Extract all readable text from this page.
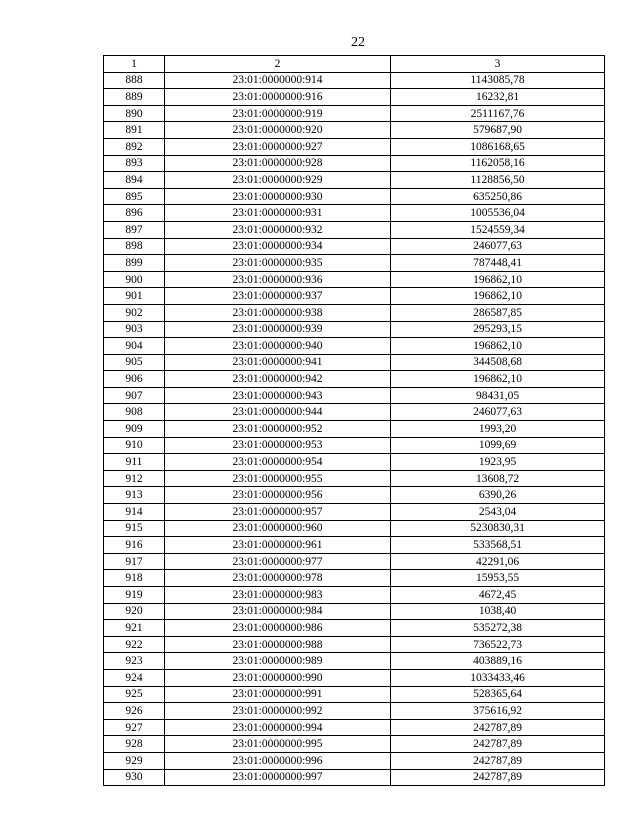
22
1	2	3
888	23:01:0000000:914	1143085,78
889	23:01:0000000:916	16232,81
890	23:01:0000000:919	2511167,76
891	23:01:0000000:920	579687,90
892	23:01:0000000:927	1086168,65
893	23:01:0000000:928	1162058,16
894	23:01:0000000:929	1128856,50
895	23:01:0000000:930	635250,86
896	23:01:0000000:931	1005536,04
897	23:01:0000000:932	1524559,34
898	23:01:0000000:934	246077,63
899	23:01:0000000:935	787448,41
900	23:01:0000000:936	196862,10
901	23:01:0000000:937	196862,10
902	23:01:0000000:938	286587,85
903	23:01:0000000:939	295293,15
904	23:01:0000000:940	196862,10
905	23:01:0000000:941	344508,68
906	23:01:0000000:942	196862,10
907	23:01:0000000:943	98431,05
908	23:01:0000000:944	246077,63
909	23:01:0000000:952	1993,20
910	23:01:0000000:953	1099,69
911	23:01:0000000:954	1923,95
912	23:01:0000000:955	13608,72
913	23:01:0000000:956	6390,26
914	23:01:0000000:957	2543,04
915	23:01:0000000:960	5230830,31
916	23:01:0000000:961	533568,51
917	23:01:0000000:977	42291,06
918	23:01:0000000:978	15953,55
919	23:01:0000000:983	4672,45
920	23:01:0000000:984	1038,40
921	23:01:0000000:986	535272,38
922	23:01:0000000:988	736522,73
923	23:01:0000000:989	403889,16
924	23:01:0000000:990	1033433,46
925	23:01:0000000:991	528365,64
926	23:01:0000000:992	375616,92
927	23:01:0000000:994	242787,89
928	23:01:0000000:995	242787,89
929	23:01:0000000:996	242787,89
930	23:01:0000000:997	242787,89
